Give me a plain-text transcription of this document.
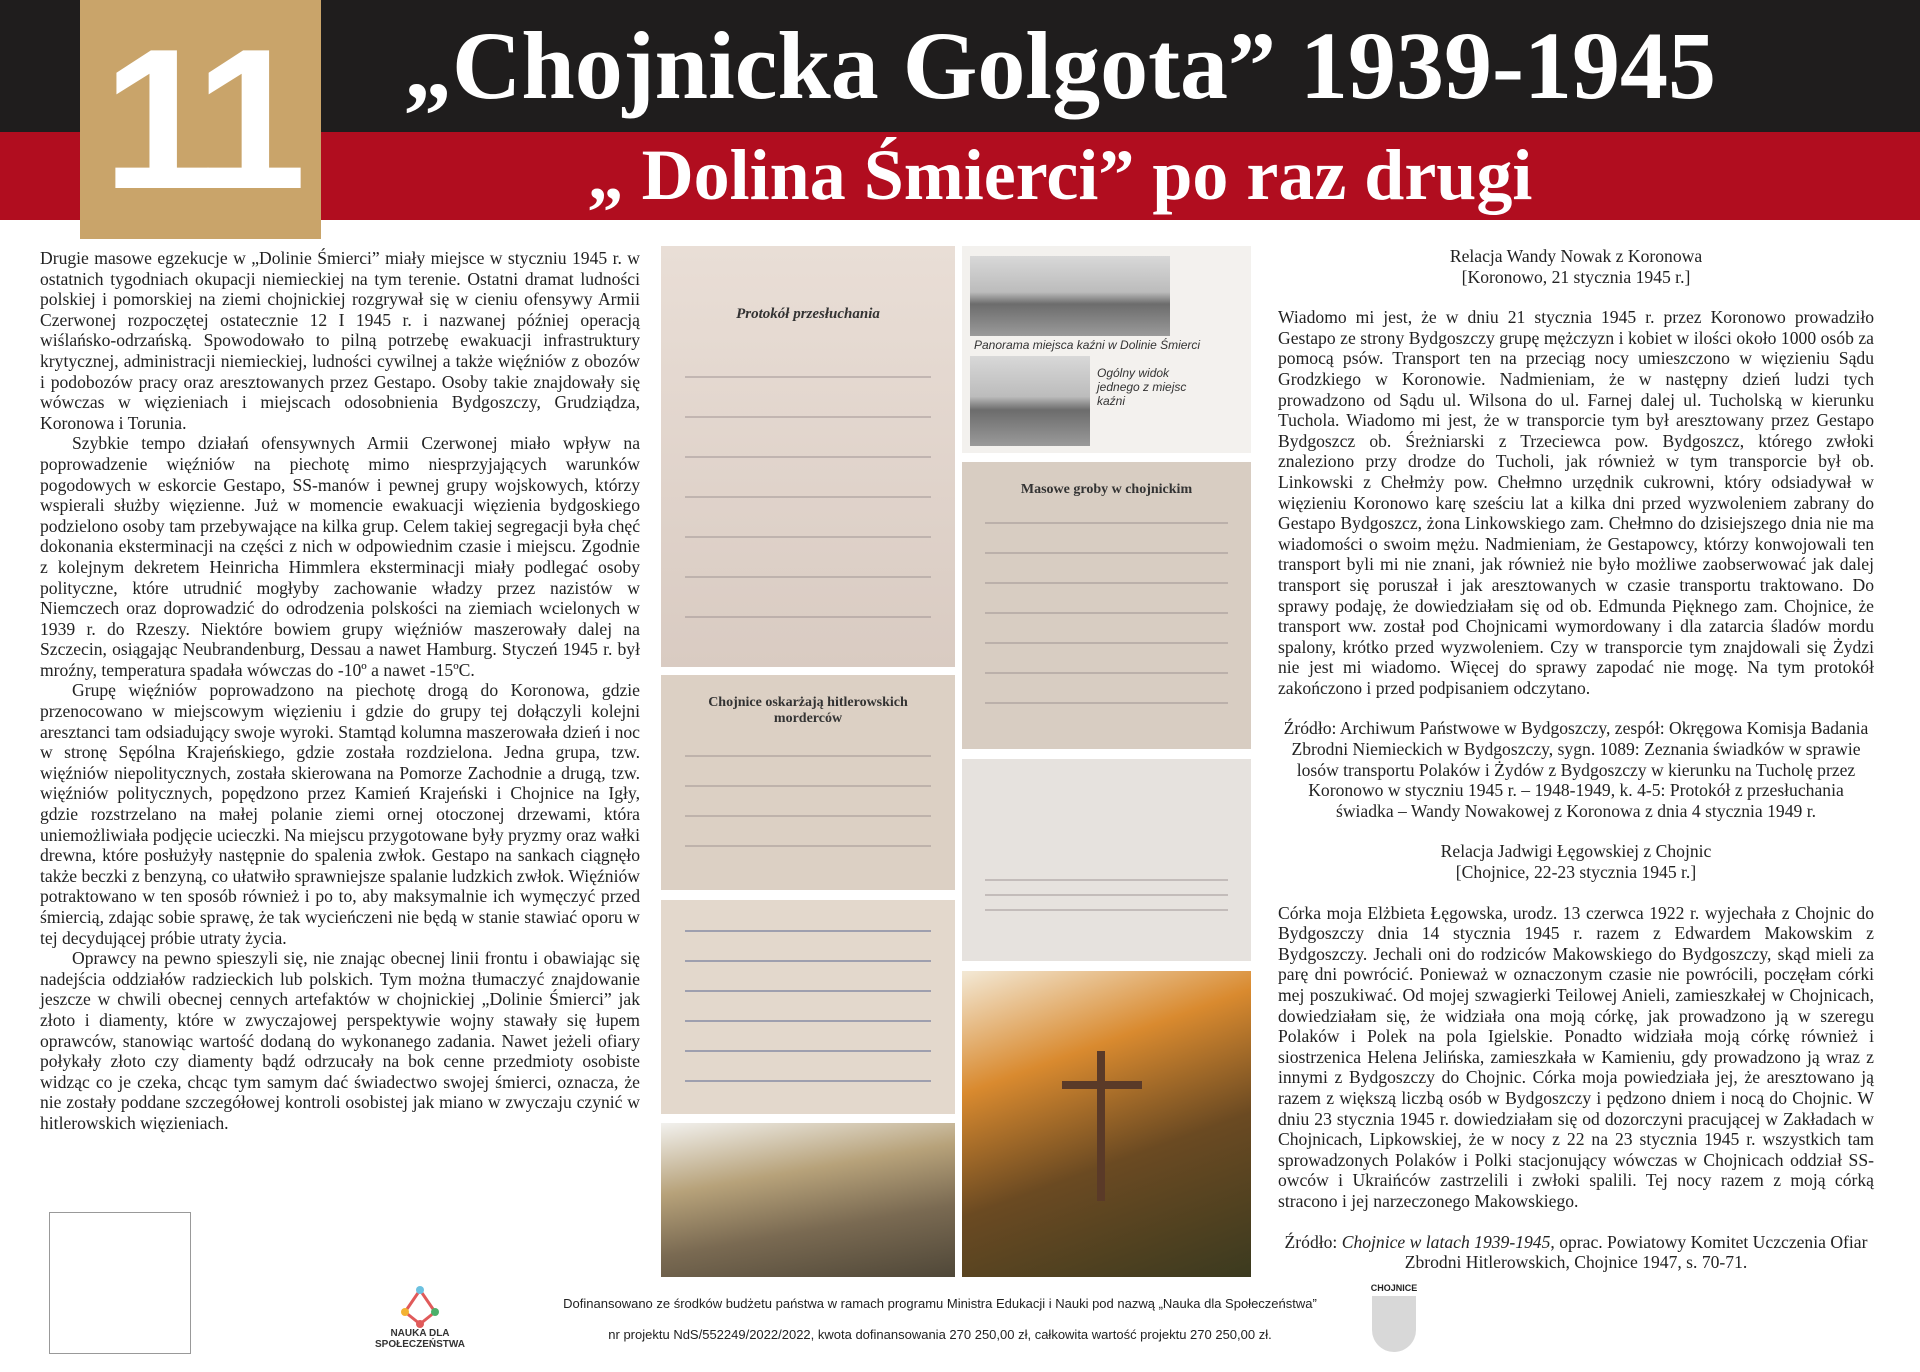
11	„Chojnicka Golgota” 1939-1945
„ Dolina Śmierci” po raz drugi

Drugie masowe egzekucje w „Dolinie Śmierci” miały miejsce w styczniu 1945 r. w ostatnich tygodniach okupacji niemieckiej na tym terenie. Ostatni dramat ludności polskiej i pomorskiej na ziemi chojnickiej rozgrywał się w cieniu ofensywy Armii Czerwonej rozpoczętej ostatecznie 12 I 1945 r. i nazwanej później operacją wiślańsko-odrzańską. Spowodowało to pilną potrzebę ewakuacji infrastruktury krytycznej, administracji niemieckiej, ludności cywilnej a także więźniów z obozów i podobozów pracy oraz aresztowanych przez Gestapo. Osoby takie znajdowały się wówczas w więzieniach i miejscach odosobnienia Bydgoszczy, Grudziądza, Koronowa i Torunia.

Szybkie tempo działań ofensywnych Armii Czerwonej miało wpływ na poprowadzenie więźniów na piechotę mimo niesprzyjających warunków pogodowych w eskorcie Gestapo, SS-manów i pewnej grupy wojskowych, którzy wspierali służby więzienne. Już w momencie ewakuacji więzienia bydgoskiego podzielono osoby tam przebywające na kilka grup. Celem takiej segregacji była chęć dokonania eksterminacji na części z nich w odpowiednim czasie i miejscu. Zgodnie z kolejnym dekretem Heinricha Himmlera eksterminacji miały podlegać osoby polityczne, które utrudnić mogłyby zachowanie władzy przez nazistów w Niemczech oraz doprowadzić do odrodzenia polskości na ziemiach wcielonych w 1939 r. do Rzeszy. Niektóre bowiem grupy więźniów maszerowały dalej na Szczecin, osiągając Neubrandenburg, Dessau a nawet Hamburg. Styczeń 1945 r. był mroźny, temperatura spadała wówczas do -10º a nawet -15ºC.

Grupę więźniów poprowadzono na piechotę drogą do Koronowa, gdzie przenocowano w miejscowym więzieniu i gdzie do grupy tej dołączyli kolejni aresztanci tam odsiadujący swoje wyroki. Stamtąd kolumna maszerowała dzień i noc w stronę Sępólna Krajeńskiego, gdzie została rozdzielona. Jedna grupa, tzw. więźniów niepolitycznych, została skierowana na Pomorze Zachodnie a drugą, tzw. więźniów politycznych, popędzono przez Kamień Krajeński i Chojnice na Igły, gdzie rozstrzelano na małej polanie ziemi ornej otoczonej drzewami, która uniemożliwiała podjęcie ucieczki. Na miejscu przygotowane były pryzmy oraz wałki drewna, które posłużyły następnie do spalenia zwłok. Gestapo na sankach ciągnęło także beczki z benzyną, co ułatwiło sprawniejsze spalanie ludzkich zwłok. Więźniów potraktowano w ten sposób również i po to, aby maksymalnie ich wymęczyć przed śmiercią, zdając sobie sprawę, że tak wycieńczeni nie będą w stanie stawiać oporu w tej decydującej próbie utraty życia.

Oprawcy na pewno spieszyli się, nie znając obecnej linii frontu i obawiając się nadejścia oddziałów radzieckich lub polskich. Tym można tłumaczyć znajdowanie jeszcze w chwili obecnej cennych artefaktów w chojnickiej „Dolinie Śmierci” jak złoto i diamenty, które w zwyczajowej perspektywie wojny stawały się łupem oprawców, stanowiąc wartość dodaną do wykonanego zadania. Nawet jeżeli ofiary połykały złoto czy diamenty bądź odrzucały na bok cenne przedmioty osobiste widząc co je czeka, chcąc tym samym dać świadectwo swojej śmierci, oznacza, że nie zostały poddane szczegółowej kontroli osobistej jak miano w zwyczaju czynić w hitlerowskich więzieniach.

Protokół przesłuchania
Chojnice oskarżają hitlerowskich morderców
Panorama miejsca kaźni w Dolinie Śmierci
Ogólny widok jednego z miejsc kaźni
Masowe groby w chojnickim
Relacja Wandy Nowak z Koronowa
[Koronowo, 21 stycznia 1945 r.]
Wiadomo mi jest, że w dniu 21 stycznia 1945 r. przez Koronowo prowadziło Gestapo ze strony Bydgoszczy grupę mężczyzn i kobiet w ilości około 1000 osób za pomocą psów. Transport ten na przeciąg nocy umieszczono w więzieniu Sądu Grodzkiego w Koronowie. Nadmieniam, że w następny dzień ludzi tych prowadzono od Sądu ul. Wilsona do ul. Farnej dalej ul. Tucholską w kierunku Tuchola. Wiadomo mi jest, że w transporcie tym był aresztowany przez Gestapo Bydgoszcz ob. Śreżniarski z Trzeciewca pow. Bydgoszcz, którego zwłoki znaleziono przy drodze do Tucholi, jak również w tym transporcie był ob. Linkowski z Chełmży pow. Chełmno urzędnik cukrowni, który odsiadywał w więzieniu Koronowo karę sześciu lat a kilka dni przed wyzwoleniem zabrany do Gestapo Bydgoszcz, żona Linkowskiego zam. Chełmno do dzisiejszego dnia nie ma wiadomości o swoim mężu. Nadmieniam, że Gestapowcy, którzy konwojowali ten transport byli mi nie znani, jak również nie było możliwe zaobserwować jak dalej transport się poruszał i jak aresztowanych w czasie transportu traktowano. Do sprawy podaję, że dowiedziałam się od ob. Edmunda Pięknego zam. Chojnice, że transport ww. został pod Chojnicami wymordowany i dla zatarcia śladów mordu spalony, krótko przed wyzwoleniem. Czy w transporcie tym znajdowali się Żydzi nie jest mi wiadomo. Więcej do sprawy zapodać nie mogę. Na tym protokół zakończono i przed podpisaniem odczytano.
Źródło: Archiwum Państwowe w Bydgoszczy, zespół: Okręgowa Komisja Badania Zbrodni Niemieckich w Bydgoszczy, sygn. 1089: Zeznania świadków w sprawie losów transportu Polaków i Żydów z Bydgoszczy w kierunku na Tucholę przez Koronowo w styczniu 1945 r. – 1948-1949, k. 4-5: Protokół z przesłuchania świadka – Wandy Nowakowej z Koronowa z dnia 4 stycznia 1949 r.
Relacja Jadwigi Łęgowskiej z Chojnic
[Chojnice, 22-23 stycznia 1945 r.]
Córka moja Elżbieta Łęgowska, urodz. 13 czerwca 1922 r. wyjechała z Chojnic do Bydgoszczy dnia 14 stycznia 1945 r. razem z Edwardem Makowskim z Bydgoszczy. Jechali oni do rodziców Makowskiego do Bydgoszczy, skąd mieli za parę dni powrócić. Ponieważ w oznaczonym czasie nie powrócili, poczęłam córki mej poszukiwać. Od mojej szwagierki Teilowej Anieli, zamieszkałej w Chojnicach, dowiedziałam się, że widziała ona moją córkę, jak prowadzono ją w szeregu Polaków i Polek na pola Igielskie. Ponadto widziała moją córkę również i siostrzenica Helena Jelińska, zamieszkała w Kamieniu, gdy prowadzono ją wraz z innymi z Bydgoszczy do Chojnic. Córka moja powiedziała jej, że aresztowano ją razem z większą liczbą osób w Bydgoszczy i pędzono dniem i nocą do Chojnic. W dniu 23 stycznia 1945 r. dowiedziałam się od dozorczyni pracującej w Zakładach w Chojnicach, Lipkowskiej, że w nocy z 22 na 23 stycznia 1945 r. wszystkich tam sprowadzonych Polaków i Polki stacjonujący wówczas w Chojnicach oddział SS-owców i Ukraińców zastrzelili i zwłoki spalili. Tej nocy razem z moją córką stracono i jej narzeczonego Makowskiego.
Źródło: Chojnice w latach 1939-1945, oprac. Powiatowy Komitet Uczczenia Ofiar Zbrodni Hitlerowskich, Chojnice 1947, s. 70-71.
NAUKA DLA SPOŁECZEŃSTWA
Dofinansowano ze środków budżetu państwa w ramach programu Ministra Edukacji i Nauki pod nazwą „Nauka dla Społeczeństwa”
nr projektu NdS/552249/2022/2022, kwota dofinansowania 270 250,00 zł, całkowita wartość projektu 270 250,00 zł.
CHOJNICE
